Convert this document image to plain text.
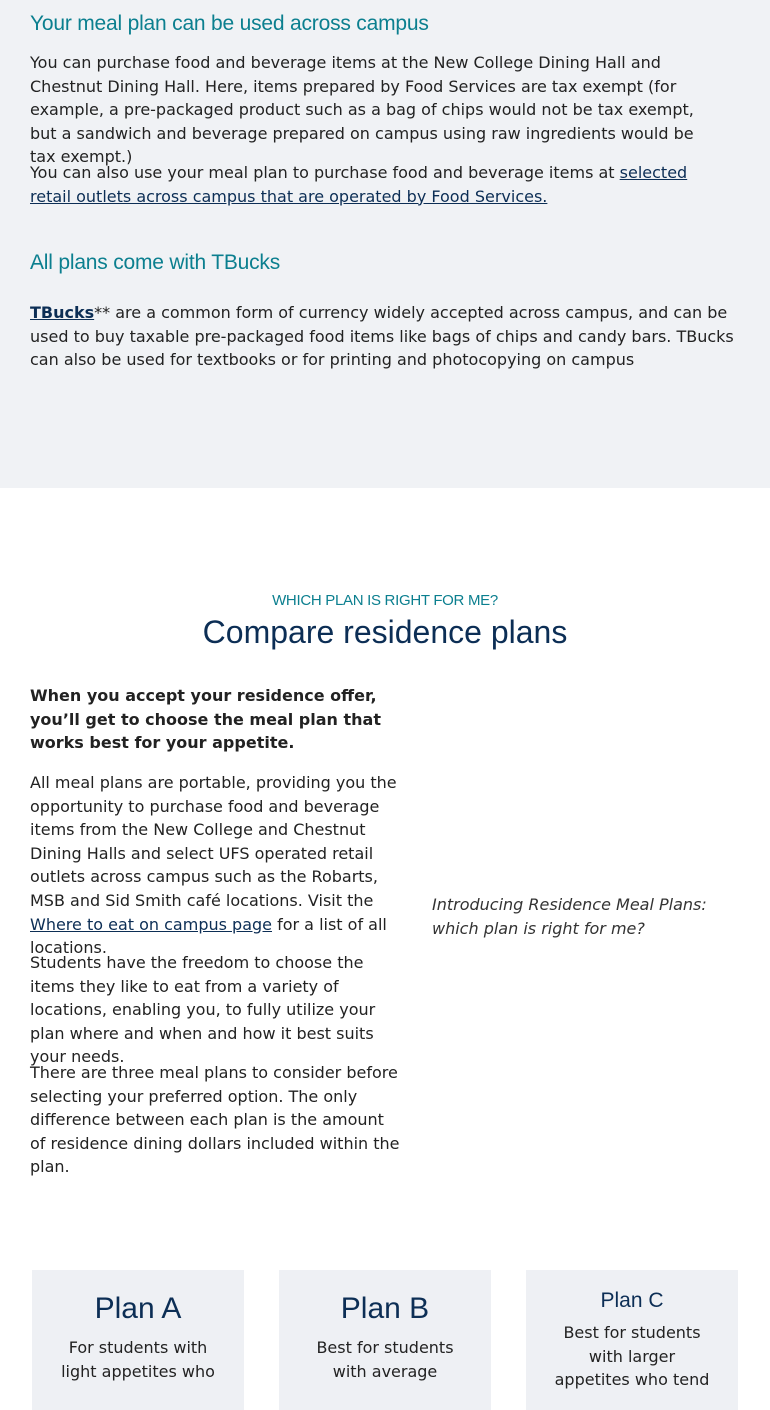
Your meal plan can be used across campus

You can purchase food and beverage items at the New College Dining Hall and Chestnut Dining Hall. Here, items prepared by Food Services are tax exempt (for example, a pre-packaged product such as a bag of chips would not be tax exempt, but a sandwich and beverage prepared on campus using raw ingredients would be tax exempt.)

You can also use your meal plan to purchase food and beverage items at selected retail outlets across campus that are operated by Food Services.

All plans come with TBucks

TBucks** are a common form of currency widely accepted across campus, and can be used to buy taxable pre-packaged food items like bags of chips and candy bars. TBucks can also be used for textbooks or for printing and photocopying on campus

WHICH PLAN IS RIGHT FOR ME?
Compare residence plans

When you accept your residence offer, you’ll get to choose the meal plan that works best for your appetite.

All meal plans are portable, providing you the opportunity to purchase food and beverage items from the New College and Chestnut Dining Halls and select UFS operated retail outlets across campus such as the Robarts, MSB and Sid Smith café locations. Visit the Where to eat on campus page for a list of all locations.

Students have the freedom to choose the items they like to eat from a variety of locations, enabling you, to fully utilize your plan where and when and how it best suits your needs.

There are three meal plans to consider before selecting your preferred option. The only difference between each plan is the amount of residence dining dollars included within the plan.

Introducing Residence Meal Plans: which plan is right for me?

Plan A

For students with light appetites who

Plan B

Best for students with average

Plan C

Best for students with larger appetites who tend
